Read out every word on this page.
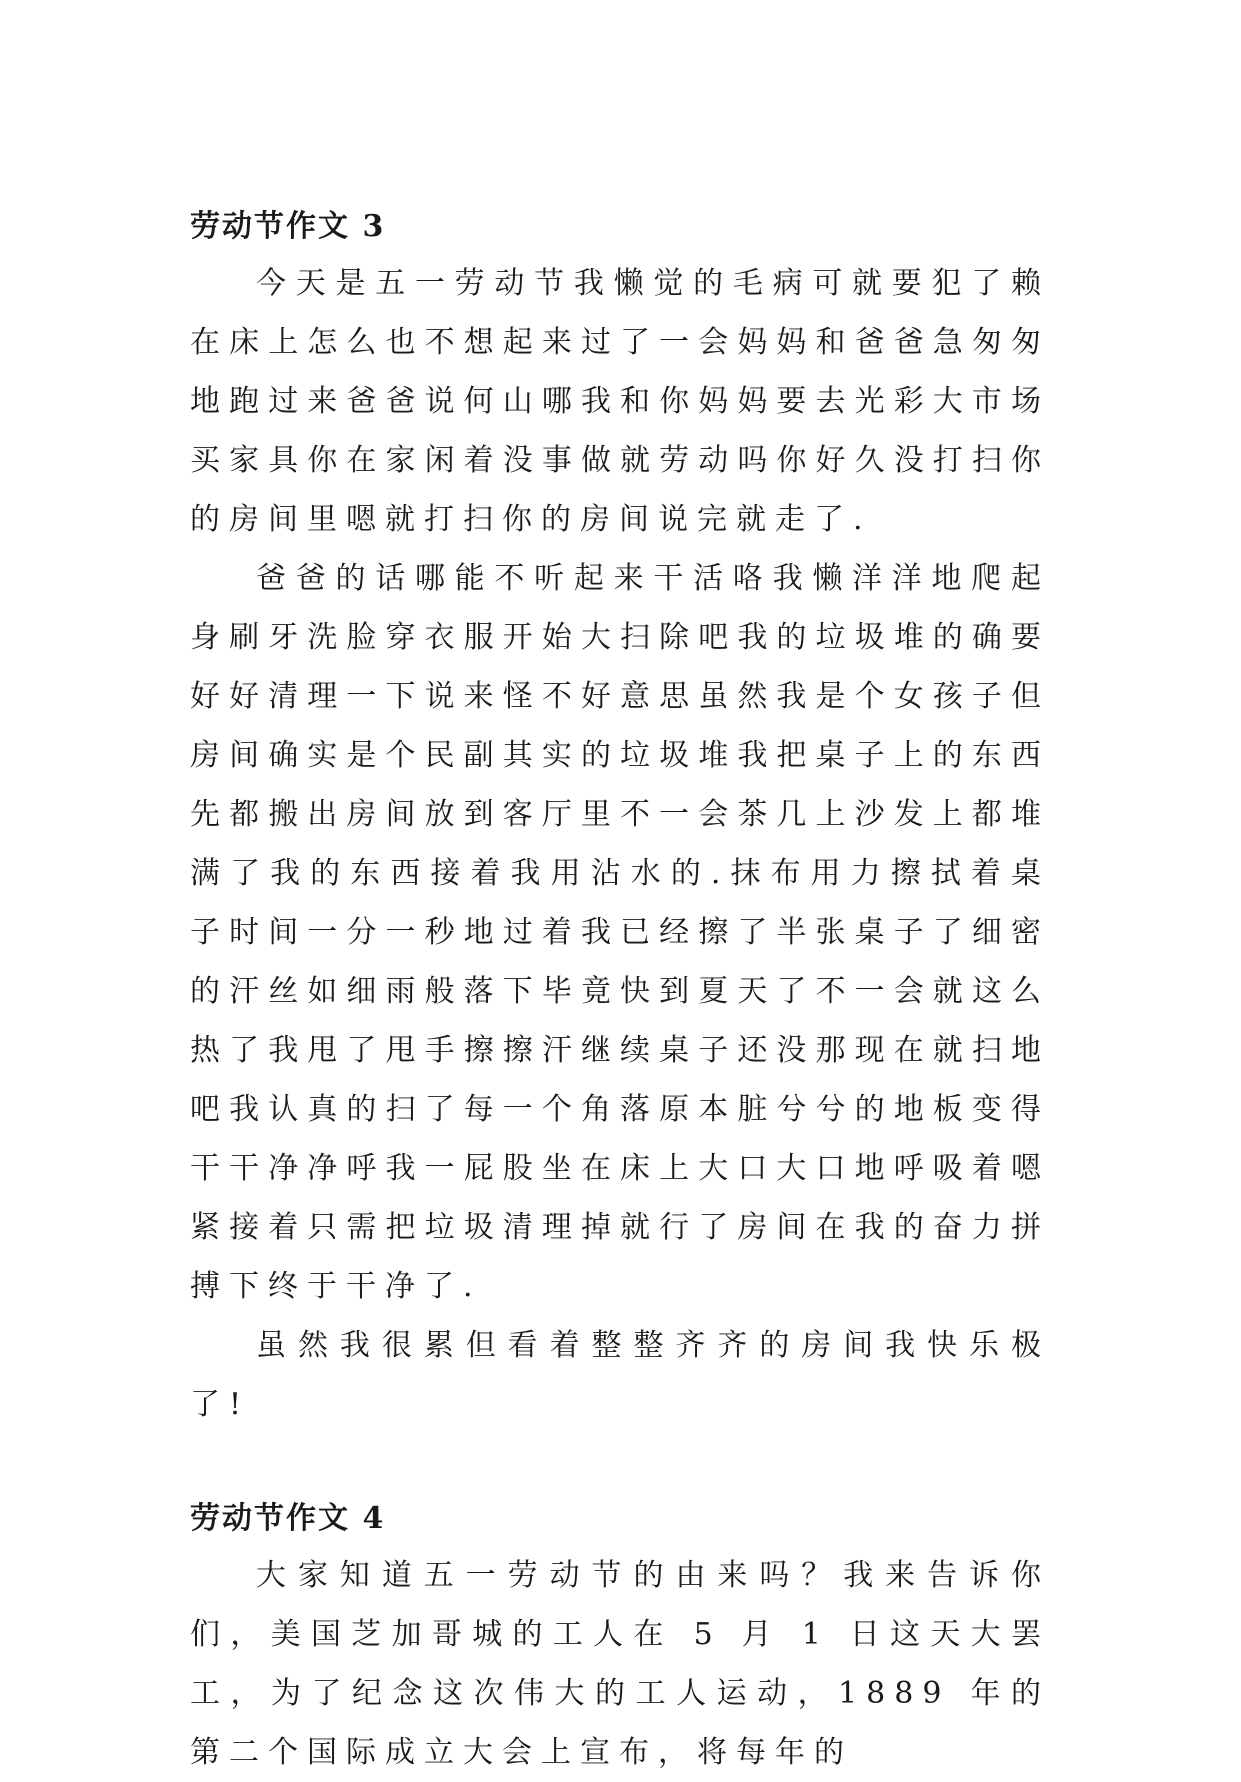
劳动节作文 3

今天是五一劳动节我懒觉的毛病可就要犯了赖在床上怎么也不想起来过了一会妈妈和爸爸急匆匆地跑过来爸爸说何山哪我和你妈妈要去光彩大市场买家具你在家闲着没事做就劳动吗你好久没打扫你的房间里嗯就打扫你的房间说完就走了.

爸爸的话哪能不听起来干活咯我懒洋洋地爬起身刷牙洗脸穿衣服开始大扫除吧我的垃圾堆的确要好好清理一下说来怪不好意思虽然我是个女孩子但房间确实是个民副其实的垃圾堆我把桌子上的东西先都搬出房间放到客厅里不一会茶几上沙发上都堆满了我的东西接着我用沾水的.抹布用力擦拭着桌子时间一分一秒地过着我已经擦了半张桌子了细密的汗丝如细雨般落下毕竟快到夏天了不一会就这么热了我甩了甩手擦擦汗继续桌子还没那现在就扫地吧我认真的扫了每一个角落原本脏兮兮的地板变得干干净净呼我一屁股坐在床上大口大口地呼吸着嗯紧接着只需把垃圾清理掉就行了房间在我的奋力拼搏下终于干净了.

虽然我很累但看着整整齐齐的房间我快乐极了!

劳动节作文 4

大家知道五一劳动节的由来吗？我来告诉你们，美国芝加哥城的工人在 5 月 1 日这天大罢工，为了纪念这次伟大的工人运动，1889 年的第二个国际成立大会上宣布，将每年的
